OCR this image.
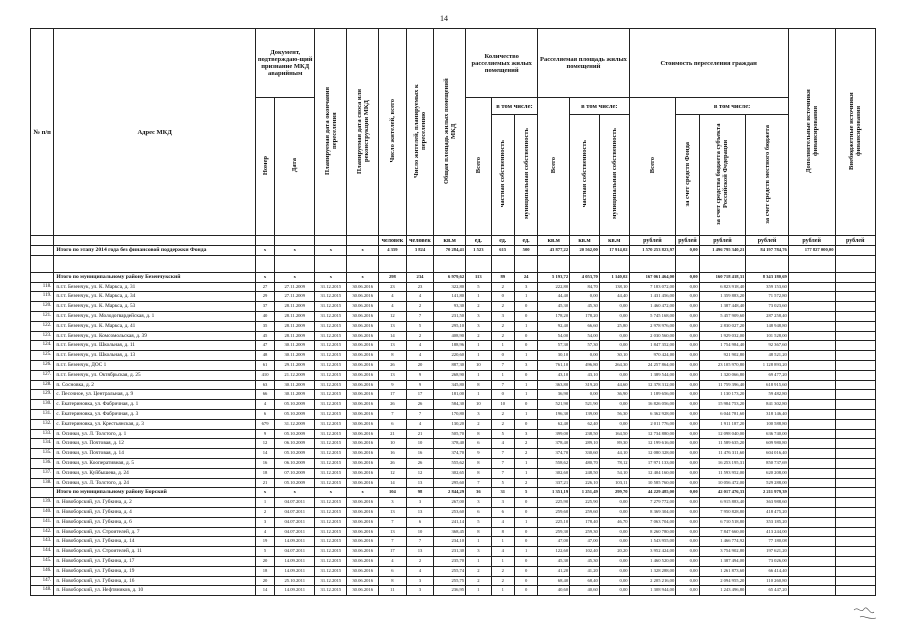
14
№ п/п	Адрес МКД	Документ, подтверждаю-щий признание МКД аварийным		Планируемая дата окончания переселения	Планируемая дата сноса или реконструкции МКД	Число жителей, всего	Число жителей, планируемых к переселению	Общая площадь жилых помещений МКД	Количество расселяемых жилых помещений			Расселяемая площадь жилых помещений			Стоимость переселения граждан				Дополнительные источники финансирования	Внебюджетные источники финансирования
		Номер	Дата						Всего	в том числе:		Всего	в том числе:		Всего	в том числе:				
										частная собственность	муниципальная собственность		частная собственность	муниципальная собственность		за счет средств Фонда	за счет средства бюджета субъекта Российской Федерации	за счет средств местного бюджета		
						человек	человек	кв.м	ед.	ед.	ед.	кв.м	кв.м	кв.м	рублей	рублей	рублей	рублей	рублей	рублей
	Итого по этапу 2014 года без финансовой поддержки Фонда	x	x	x	x	4 359	3 824	70 284,41	1 523	615	500	43 877,22	20 562,00	17 914,02	1 570 253 823,97	0,00	1 496 795 340,21	84 197 784,76	177 827 000,00	

	Итого по муниципальному району Безенчукский	x	x	x	x	298	234	6 979,62	113	89	24	5 193,72	4 053,70	1 140,02	167 061 464,00	0,00	160 718 418,31	8 343 180,69		
118.	п.г.т. Безенчук, ул. К. Маркса, д. 31	27	27.11.2009	31.12.2015	30.06.2016	23	23	322,80	5	2	3	222,80	84,70	138,10	7 183 072,00	0,00	6 823 918,40	359 153,60		
119.	п.г.т. Безенчук, ул. К. Маркса, д. 34	29	27.11.2009	31.12.2015	30.06.2016	4	4	141,80	1	0	1	44,40	0,00	44,40	1 431 456,00	0,00	1 359 883,20	71 572,80		
120.	п.г.т. Безенчук, ул. К. Маркса, д. 53	37	28.11.2009	31.12.2015	30.06.2016	4	2	93,30	2	2	0	45,30	45,30	0,00	1 460 472,00	0,00	1 387 448,40	73 023,60		
121.	п.г.т. Безенчук, ул. Молодогвардейская, д. 1	40	28.11.2009	31.12.2015	30.06.2016	12	7	231,50	3	3	0	178,20	178,20	0,00	5 745 168,00	0,00	5 457 909,60	287 258,40		
122.	п.г.т. Безенчук, ул. К. Маркса, д. 41	35	28.11.2009	31.12.2015	30.06.2016	13	5	295,10	3	2	1	92,40	66,60	25,80	2 978 976,00	0,00	2 830 027,20	148 948,80		
123.	п.г.т. Безенчук, ул. Комсомольская, д. 39	45	28.11.2009	31.12.2015	30.06.2016	14	2	408,90	2	2	0	54,00	54,00	0,00	2 030 560,00	0,00	1 929 032,00	101 528,00		
124.	п.г.т. Безенчук, ул. Школьная, д. 11	47	30.11.2009	31.12.2015	30.06.2016	13	4	188,96	1	1	0	57,30	57,30	0,00	1 847 352,00	0,00	1 754 984,40	92 367,60		
125.	п.г.т. Безенчук, ул. Школьная, д. 13	48	30.11.2009	31.12.2015	30.06.2016	8	4	220,60	1	0	1	30,10	0,00	30,10	970 424,00	0,00	921 902,80	48 521,20		
126.	п.г.т. Безенчук, ДОС 1	61	29.11.2009	31.12.2015	30.06.2016	26	20	887,30	10	7	3	761,10	496,80	264,30	24 257 864,00	0,00	23 105 970,80	1 128 893,20		
127.	п.г.т. Безенчук, ул. Октябрьская, д. 25	410	21.12.2009	31.12.2015	30.06.2016	13	9	268,90	1	1	0	43,10	43,10	0,00	1 389 544,00	0,00	1 320 066,80	69 477,20		
128.	п. Сосновка, д. 2	63	30.11.2009	31.12.2015	30.06.2016	9	9	345,80	8	7	1	363,80	319,20	44,60	12 378 312,00	0,00	11 759 396,40	618 915,60		
129.	с. Песочное, ул. Центральная, д. 9	66	30.11.2009	31.12.2015	30.06.2016	17	17	181,00	1	0	1	36,90	0,00	36,90	1 189 656,00	0,00	1 130 173,20	59 482,80		
130.	с. Екатериновка, ул. Фабричная, д. 1	4	05.10.2009	31.12.2015	30.06.2016	26	26	584,30	10	10	0	521,90	521,90	0,00	16 826 056,00	0,00	15 984 753,20	841 302,80		
131.	с. Екатериновка, ул. Фабричная, д. 3	6	05.10.2009	31.12.2015	30.06.2016	7	7	170,80	3	2	1	196,30	139,00	56,30	6 362 928,00	0,00	6 044 781,60	318 146,40		
132.	с. Екатериновка, ул. Крестьянская, д. 3	679	31.12.2009	31.12.2015	30.06.2016	6	4	130,20	2	2	0	62,40	62,40	0,00	2 011 776,00	0,00	1 911 187,20	100 588,80		
133.	п. Осинки, ул. Л. Толстого, д. 1	9	05.10.2009	31.12.2015	30.06.2016	21	21	505,70	8	5	3	399,00	238,50	164,50	12 734 880,00	0,00	12 098 040,00	636 740,00		
134.	п. Осинки, ул. Почтовая, д. 12	12	06.10.2009	31.12.2015	30.06.2016	10	10	378,40	6	4	2	378,40	289,10	89,30	12 199 616,00	0,00	11 589 635,20	609 980,80		
135.	п. Осинки, ул. Почтовая, д. 14	14	05.10.2009	31.12.2015	30.06.2016	16	16	374,70	9	7	2	374,70	330,60	44,10	12 080 328,00	0,00	11 476 311,60	604 016,40		
136.	п. Осинки, ул. Кооперативная, д. 5	16	06.10.2009	31.12.2015	30.06.2016	26	26	555,62	8	7	1	558,62	480,70	78,12	17 971 133,00	0,00	16 253 195,31	850 737,69		
137.	п. Осинки, ул. Куйбышева, д. 24	18	07.10.2009	31.12.2015	30.06.2016	12	12	302,65	8	7	1	302,60	248,50	54,10	12 404 160,00	0,00	11 593 952,00	620 208,00		
138.	п. Осинки, ул. Л. Толстого, д. 24	21	05.10.2009	31.12.2015	30.06.2016	14	13	295,60	7	5	2	337,21	226,10	103,11	10 585 760,00	0,00	10 056 472,00	529 288,00		
	Итого по муниципальному району Борский	x	x	x	x	104	98	2 844,29	36	31	5	1 351,19	1 251,49	299,70	44 229 485,00	0,00	42 017 476,33	2 211 979,39		
139.	п. Новоборский, ул. Губкина, д. 2	1	04.07.2011	31.12.2015	30.06.2016	3	3	267,00	3	3	0	225,90	225,90	0,00	7 279 772,00	0,00	6 915 883,40	363 988,60		
140.	п. Новоборский, ул. Губкина, д. 4	2	04.07.2011	31.12.2015	30.06.2016	13	13	253,60	6	6	0	259,60	259,60	0,00	8 369 304,00	0,00	7 950 828,80	418 475,20		
141.	п. Новоборский, ул. Губкина, д. 6	3	04.07.2011	31.12.2015	30.06.2016	7	6	241,14	5	4	1	225,10	178,40	46,70	7 063 704,00	0,00	6 710 518,80	353 185,20		
142.	п. Новоборский, ул. Строителей, д. 7	4	04.07.2011	31.12.2015	30.06.2016	13	10	368,45	8	8	0	259,30	259,30	0,00	8 260 780,00	0,00	7 847 660,00	413 244,00		
143.	п. Новоборский, ул. Губкина, д. 14	19	14.09.2011	31.12.2015	30.06.2016	7	7	234,10	1	1	0	47,00	47,00	0,00	1 543 955,00	0,00	1 466 774,92	77 180,08		
144.	п. Новоборский, ул. Строителей, д. 11	5	04.07.2011	31.12.2015	30.06.2016	17	13	231,30	3	4	1	122,60	102,40	20,20	3 952 424,00	0,00	3 754 902,80	197 621,20		
145.	п. Новоборский, ул. Губкина, д. 17	20	14.09.2011	31.12.2015	30.06.2016	4	2	235,70	1	1	0	45,30	45,30	0,00	1 460 520,00	0,00	1 387 494,00	73 026,00		
146.	п. Новоборский, ул. Губкина, д. 19	18	14.09.2011	31.12.2015	30.06.2016	6	4	255,74	2	2	0	41,20	41,20	0,00	1 328 288,00	0,00	1 261 873,60	66 414,40		
147.	п. Новоборский, ул. Губкина, д. 16	20	25.10.2011	31.12.2015	30.06.2016	8	3	255,75	2	2	0	68,40	68,40	0,00	2 205 216,00	0,00	2 094 955,20	110 260,80		
148.	п. Новоборский, ул. Нефтяников, д. 10	14	14.09.2011	31.12.2015	30.06.2016	11	3	236,95	1	1	0	40,60	40,60	0,00	1 308 944,00	0,00	1 243 496,80	65 447,20		
